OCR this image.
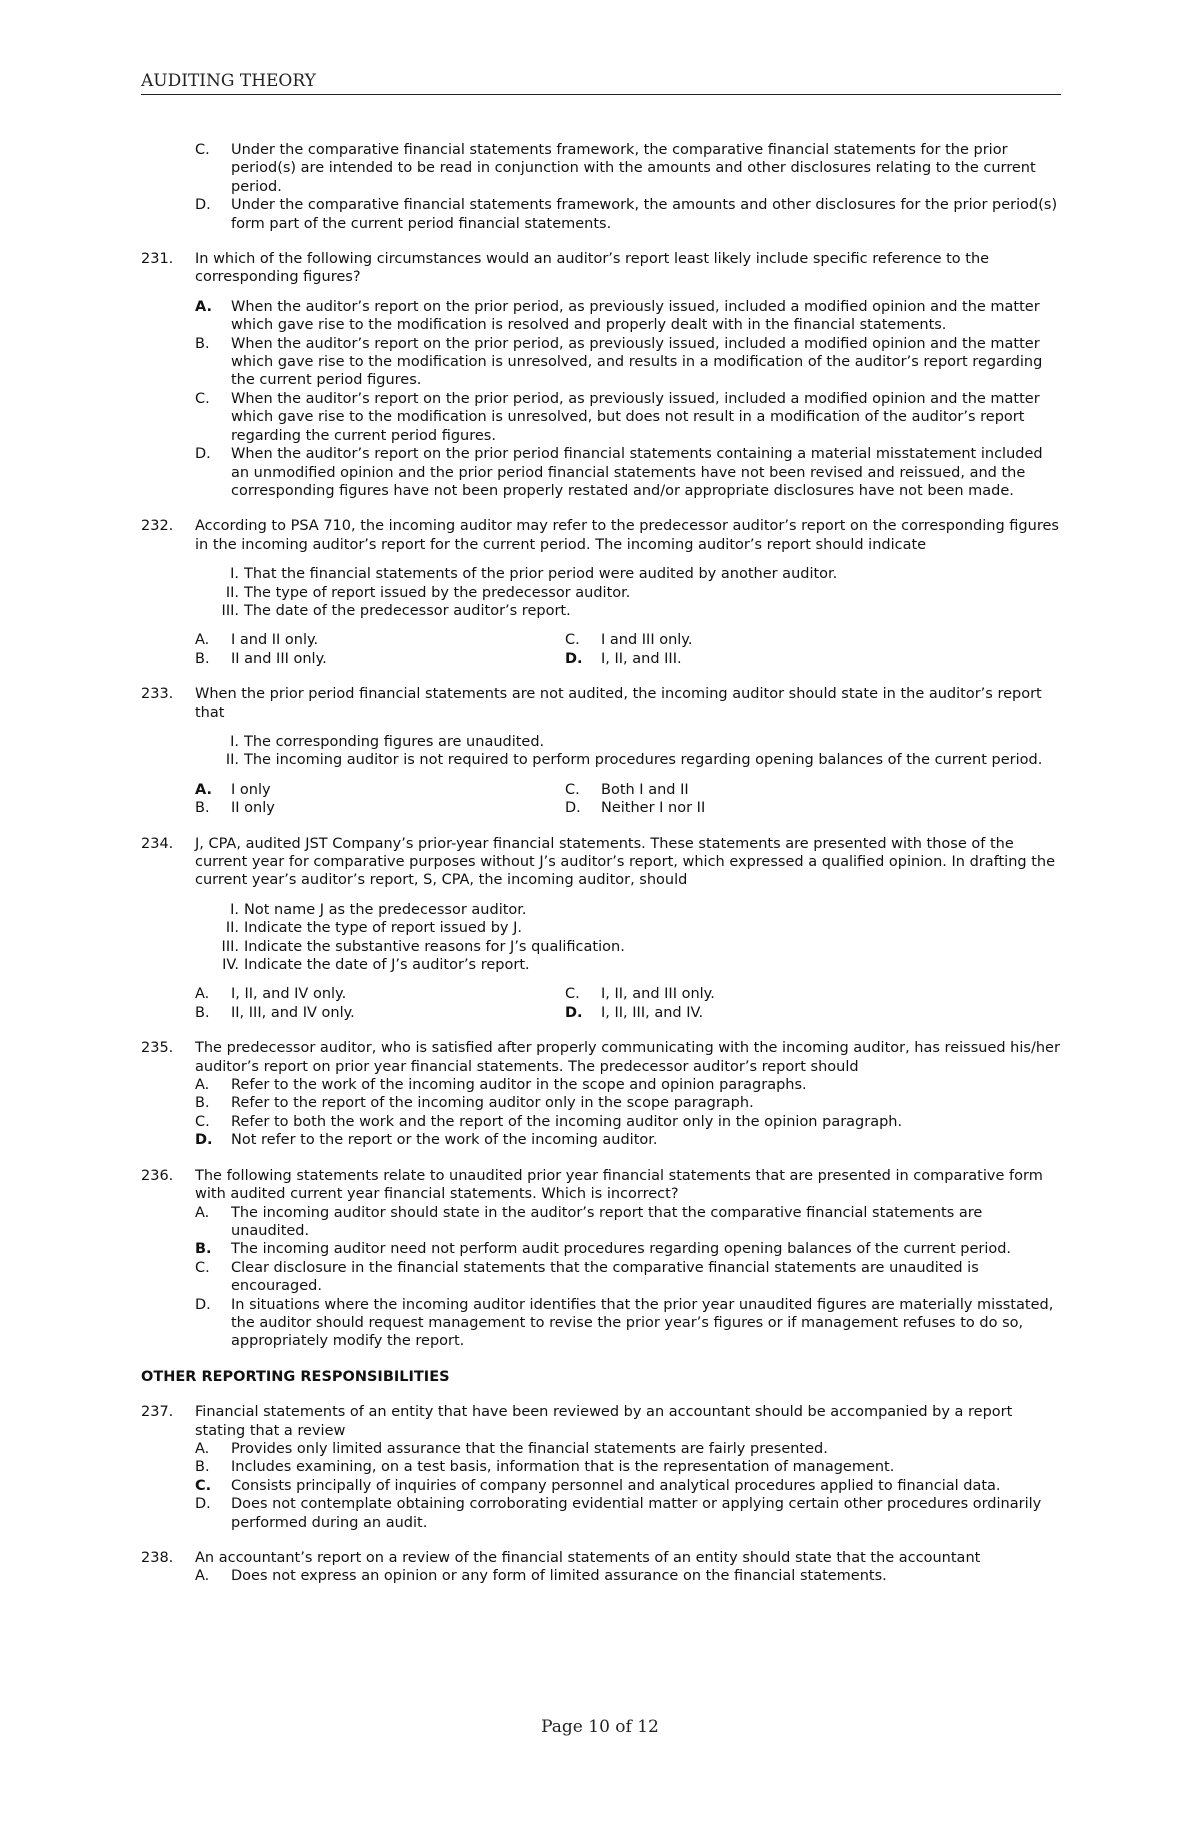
AUDITING THEORY
C.	Under the comparative financial statements framework, the comparative financial statements for the prior period(s) are intended to be read in conjunction with the amounts and other disclosures relating to the current period.
D.	Under the comparative financial statements framework, the amounts and other disclosures for the prior period(s) form part of the current period financial statements.
231.	In which of the following circumstances would an auditor’s report least likely include specific reference to the corresponding figures?
A.	When the auditor’s report on the prior period, as previously issued, included a modified opinion and the matter which gave rise to the modification is resolved and properly dealt with in the financial statements.
B.	When the auditor’s report on the prior period, as previously issued, included a modified opinion and the matter which gave rise to the modification is unresolved, and results in a modification of the auditor’s report regarding the current period figures.
C.	When the auditor’s report on the prior period, as previously issued, included a modified opinion and the matter which gave rise to the modification is unresolved, but does not result in a modification of the auditor’s report regarding the current period figures.
D.	When the auditor’s report on the prior period financial statements containing a material misstatement included an unmodified opinion and the prior period financial statements have not been revised and reissued, and the corresponding figures have not been properly restated and/or appropriate disclosures have not been made.
232.	According to PSA 710, the incoming auditor may refer to the predecessor auditor’s report on the corresponding figures in the incoming auditor’s report for the current period. The incoming auditor’s report should indicate
I. That the financial statements of the prior period were audited by another auditor.
II. The type of report issued by the predecessor auditor.
III. The date of the predecessor auditor’s report.
A.	I and II only.	C.	I and III only.
B.	II and III only.	D.	I, II, and III.
233.	When the prior period financial statements are not audited, the incoming auditor should state in the auditor’s report that
I. The corresponding figures are unaudited.
II. The incoming auditor is not required to perform procedures regarding opening balances of the current period.
A.	I only	C.	Both I and II
B.	II only	D.	Neither I nor II
234.	J, CPA, audited JST Company’s prior-year financial statements. These statements are presented with those of the current year for comparative purposes without J’s auditor’s report, which expressed a qualified opinion. In drafting the current year’s auditor’s report, S, CPA, the incoming auditor, should
I. Not name J as the predecessor auditor.
II. Indicate the type of report issued by J.
III. Indicate the substantive reasons for J’s qualification.
IV. Indicate the date of J’s auditor’s report.
A.	I, II, and IV only.	C.	I, II, and III only.
B.	II, III, and IV only.	D.	I, II, III, and IV.
235.	The predecessor auditor, who is satisfied after properly communicating with the incoming auditor, has reissued his/her auditor’s report on prior year financial statements. The predecessor auditor’s report should
A.	Refer to the work of the incoming auditor in the scope and opinion paragraphs.
B.	Refer to the report of the incoming auditor only in the scope paragraph.
C.	Refer to both the work and the report of the incoming auditor only in the opinion paragraph.
D.	Not refer to the report or the work of the incoming auditor.
236.	The following statements relate to unaudited prior year financial statements that are presented in comparative form with audited current year financial statements. Which is incorrect?
A.	The incoming auditor should state in the auditor’s report that the comparative financial statements are unaudited.
B.	The incoming auditor need not perform audit procedures regarding opening balances of the current period.
C.	Clear disclosure in the financial statements that the comparative financial statements are unaudited is encouraged.
D.	In situations where the incoming auditor identifies that the prior year unaudited figures are materially misstated, the auditor should request management to revise the prior year’s figures or if management refuses to do so, appropriately modify the report.
OTHER REPORTING RESPONSIBILITIES
237.	Financial statements of an entity that have been reviewed by an accountant should be accompanied by a report stating that a review
A.	Provides only limited assurance that the financial statements are fairly presented.
B.	Includes examining, on a test basis, information that is the representation of management.
C.	Consists principally of inquiries of company personnel and analytical procedures applied to financial data.
D.	Does not contemplate obtaining corroborating evidential matter or applying certain other procedures ordinarily performed during an audit.
238.	An accountant’s report on a review of the financial statements of an entity should state that the accountant
A.	Does not express an opinion or any form of limited assurance on the financial statements.
Page 10 of 12
